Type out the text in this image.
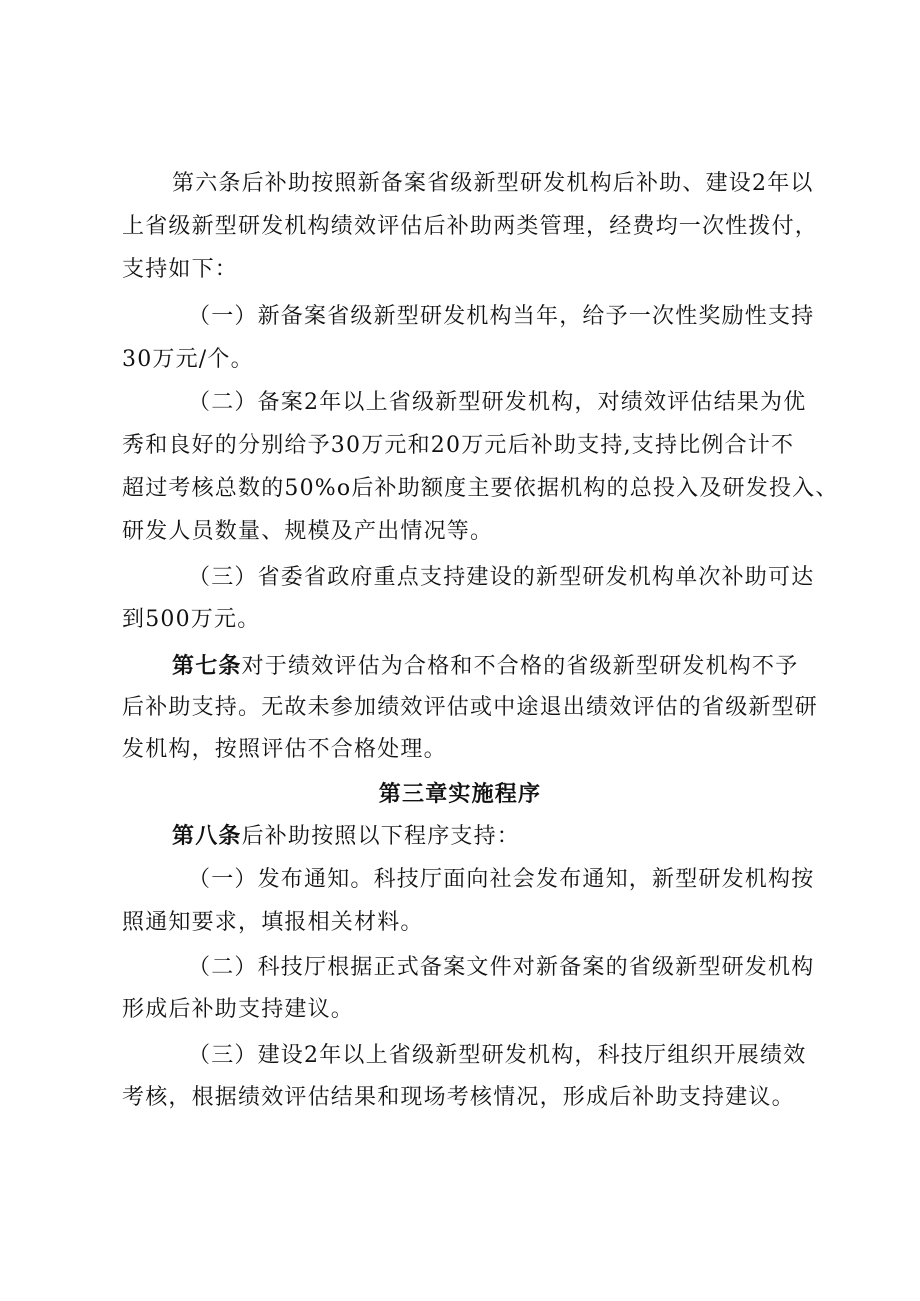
第六条后补助按照新备案省级新型研发机构后补助、建设2年以
上省级新型研发机构绩效评估后补助两类管理，经费均一次性拨付，
支持如下：
（一）新备案省级新型研发机构当年，给予一次性奖励性支持
30万元/个。
（二）备案2年以上省级新型研发机构，对绩效评估结果为优
秀和良好的分别给予30万元和20万元后补助支持,支持比例合计不
超过考核总数的50%o后补助额度主要依据机构的总投入及研发投入、
研发人员数量、规模及产出情况等。
（三）省委省政府重点支持建设的新型研发机构单次补助可达
到500万元。
第七条对于绩效评估为合格和不合格的省级新型研发机构不予
后补助支持。无故未参加绩效评估或中途退出绩效评估的省级新型研
发机构，按照评估不合格处理。
第三章实施程序
第八条后补助按照以下程序支持：
（一）发布通知。科技厅面向社会发布通知，新型研发机构按
照通知要求，填报相关材料。
（二）科技厅根据正式备案文件对新备案的省级新型研发机构
形成后补助支持建议。
（三）建设2年以上省级新型研发机构，科技厅组织开展绩效
考核，根据绩效评估结果和现场考核情况，形成后补助支持建议。
